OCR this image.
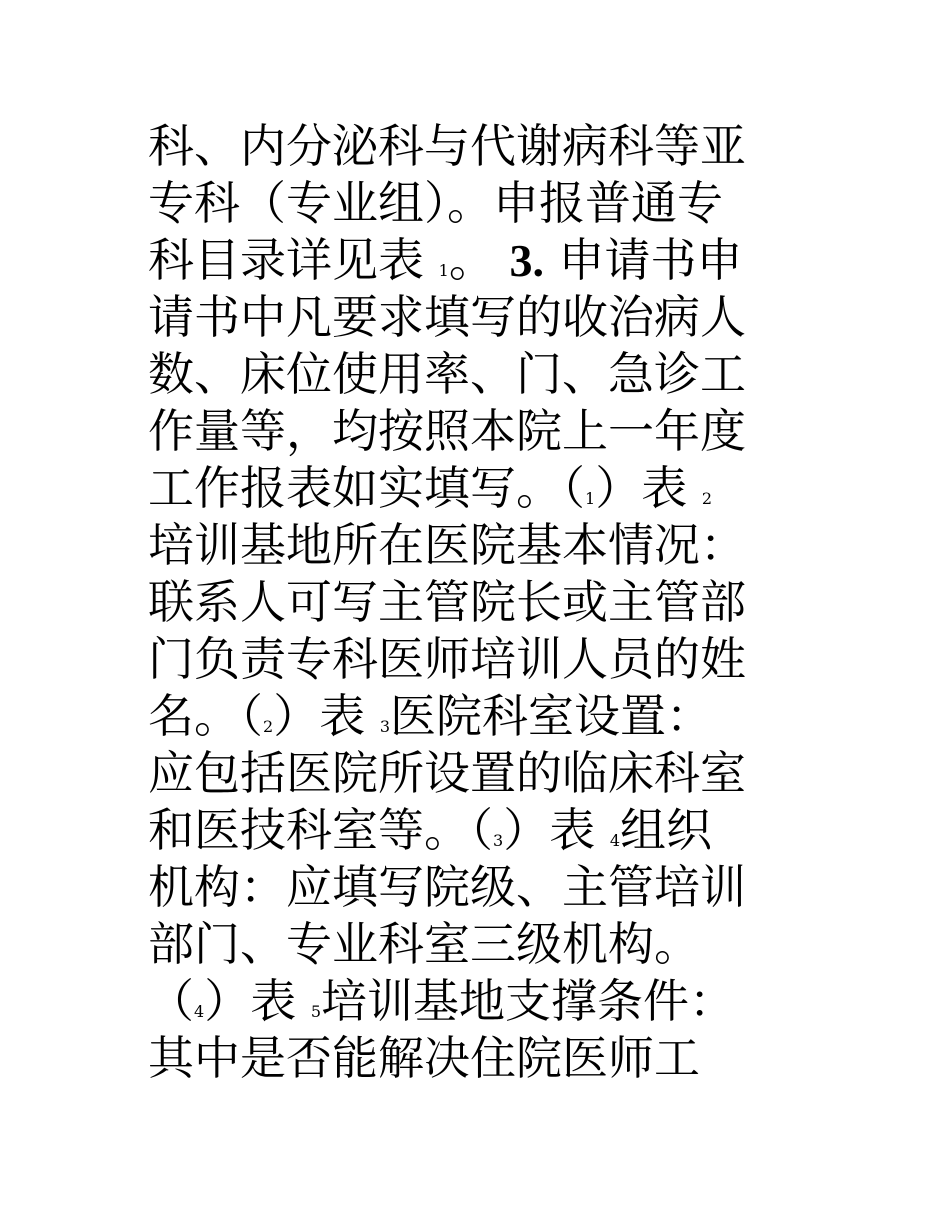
科、内分泌科与代谢病科等亚
专科（专业组）。申报普通专
科目录详见表 1。 3. 申请书申
请书中凡要求填写的收治病人
数、床位使用率、门、急诊工
作量等，均按照本院上一年度
工作报表如实填写。（1）表 2
培训基地所在医院基本情况：
联系人可写主管院长或主管部
门负责专科医师培训人员的姓
名。（2）表 3医院科室设置：
应包括医院所设置的临床科室
和医技科室等。（3）表 4组织
机构：应填写院级、主管培训
部门、专业科室三级机构。
（4）表 5培训基地支撑条件：
其中是否能解决住院医师工
